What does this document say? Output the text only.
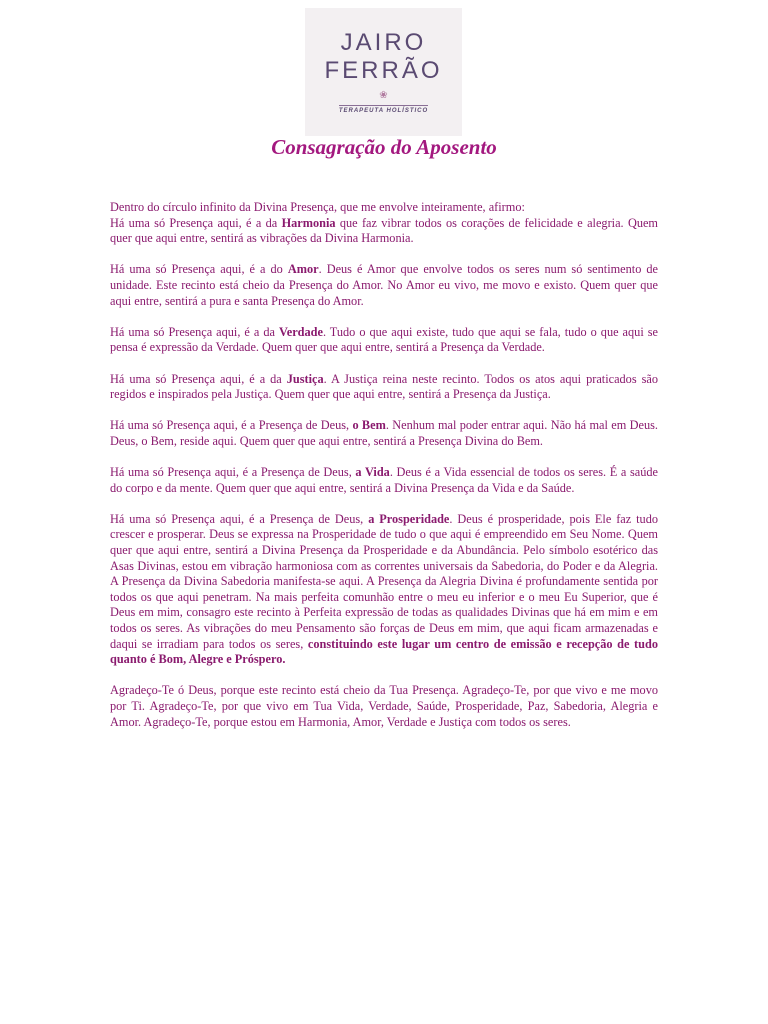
JAIRO
FERRÃO
❀
TERAPEUTA HOLÍSTICO
Consagração do Aposento

Dentro do círculo infinito da Divina Presença, que me envolve inteiramente, afirmo:

Há uma só Presença aqui, é a da Harmonia que faz vibrar todos os corações de felicidade e alegria. Quem quer que aqui entre, sentirá as vibrações da Divina Harmonia.

Há uma só Presença aqui, é a do Amor. Deus é Amor que envolve todos os seres num só sentimento de unidade. Este recinto está cheio da Presença do Amor. No Amor eu vivo, me movo e existo. Quem quer que aqui entre, sentirá a pura e santa Presença do Amor.

Há uma só Presença aqui, é a da Verdade. Tudo o que aqui existe, tudo que aqui se fala, tudo o que aqui se pensa é expressão da Verdade. Quem quer que aqui entre, sentirá a Presença da Verdade.

Há uma só Presença aqui, é a da Justiça. A Justiça reina neste recinto. Todos os atos aqui praticados são regidos e inspirados pela Justiça. Quem quer que aqui entre, sentirá a Presença da Justiça.

Há uma só Presença aqui, é a Presença de Deus, o Bem. Nenhum mal poder entrar aqui. Não há mal em Deus. Deus, o Bem, reside aqui. Quem quer que aqui entre, sentirá a Presença Divina do Bem.

Há uma só Presença aqui, é a Presença de Deus, a Vida. Deus é a Vida essencial de todos os seres. É a saúde do corpo e da mente. Quem quer que aqui entre, sentirá a Divina Presença da Vida e da Saúde.

Há uma só Presença aqui, é a Presença de Deus, a Prosperidade. Deus é prosperidade, pois Ele faz tudo crescer e prosperar. Deus se expressa na Prosperidade de tudo o que aqui é empreendido em Seu Nome. Quem quer que aqui entre, sentirá a Divina Presença da Prosperidade e da Abundância. Pelo símbolo esotérico das Asas Divinas, estou em vibração harmoniosa com as correntes universais da Sabedoria, do Poder e da Alegria. A Presença da Divina Sabedoria manifesta-se aqui. A Presença da Alegria Divina é profundamente sentida por todos os que aqui penetram. Na mais perfeita comunhão entre o meu eu inferior e o meu Eu Superior, que é Deus em mim, consagro este recinto à Perfeita expressão de todas as qualidades Divinas que há em mim e em todos os seres. As vibrações do meu Pensamento são forças de Deus em mim, que aqui ficam armazenadas e daqui se irradiam para todos os seres, constituindo este lugar um centro de emissão e recepção de tudo quanto é Bom, Alegre e Próspero.

Agradeço-Te ó Deus, porque este recinto está cheio da Tua Presença. Agradeço-Te, por que vivo e me movo por Ti. Agradeço-Te, por que vivo em Tua Vida, Verdade, Saúde, Prosperidade, Paz, Sabedoria, Alegria e Amor. Agradeço-Te, porque estou em Harmonia, Amor, Verdade e Justiça com todos os seres.
